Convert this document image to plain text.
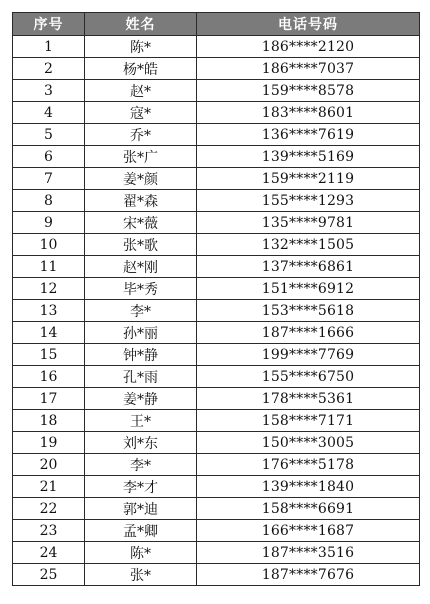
序号	姓名	电话号码
1	陈*	186****2120
2	杨*皓	186****7037
3	赵*	159****8578
4	寇*	183****8601
5	乔*	136****7619
6	张*广	139****5169
7	姜*颜	159****2119
8	翟*森	155****1293
9	宋*薇	135****9781
10	张*歌	132****1505
11	赵*刚	137****6861
12	毕*秀	151****6912
13	李*	153****5618
14	孙*丽	187****1666
15	钟*静	199****7769
16	孔*雨	155****6750
17	姜*静	178****5361
18	王*	158****7171
19	刘*东	150****3005
20	李*	176****5178
21	李*才	139****1840
22	郭*迪	158****6691
23	孟*卿	166****1687
24	陈*	187****3516
25	张*	187****7676
